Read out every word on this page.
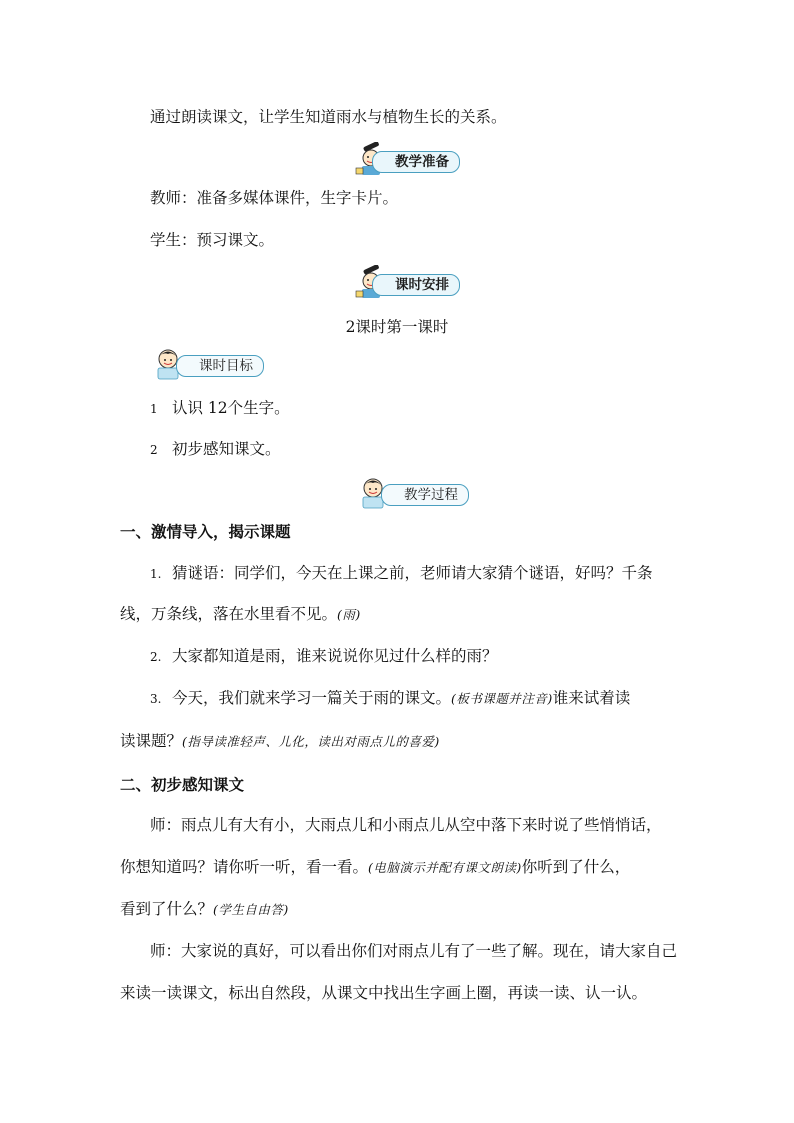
通过朗读课文，让学生知道雨水与植物生长的关系。
教学准备
教师：准备多媒体课件，生字卡片。
学生：预习课文。
课时安排
2课时第一课时
课时目标
1 认识 12个生字。
2 初步感知课文。
教学过程
一、激情导入，揭示课题
1. 猜谜语：同学们，今天在上课之前，老师请大家猜个谜语，好吗？千条
线，万条线，落在水里看不见。(雨)
2. 大家都知道是雨，谁来说说你见过什么样的雨？
3. 今天，我们就来学习一篇关于雨的课文。(板书课题并注音)谁来试着读
读课题？(指导读准轻声、儿化，读出对雨点儿的喜爱)
二、初步感知课文
师：雨点儿有大有小，大雨点儿和小雨点儿从空中落下来时说了些悄悄话，
你想知道吗？请你听一听，看一看。(电脑演示并配有课文朗读)你听到了什么，
看到了什么？(学生自由答)
师：大家说的真好，可以看出你们对雨点儿有了一些了解。现在，请大家自己
来读一读课文，标出自然段，从课文中找出生字画上圈，再读一读、认一认。
